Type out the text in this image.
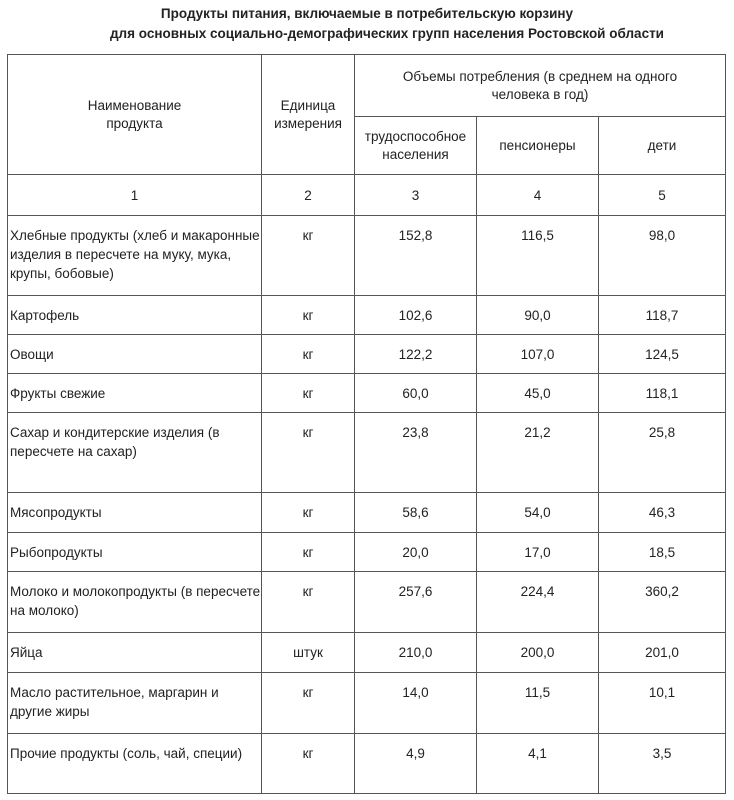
Продукты питания, включаемые в потребительскую корзину
для основных социально-демографических групп населения Ростовской области
Наименование продукта	Единица измерения	Объемы потребления (в среднем на одного человека в год)		
		трудоспособное населения	пенсионеры	дети
1	2	3	4	5
Хлебные продукты (хлеб и макаронные изделия в пересчете на муку, мука, крупы, бобовые)	кг	152,8	116,5	98,0
Картофель	кг	102,6	90,0	118,7
Овощи	кг	122,2	107,0	124,5
Фрукты свежие	кг	60,0	45,0	118,1
Сахар и кондитерские изделия (в пересчете на сахар)	кг	23,8	21,2	25,8
Мясопродукты	кг	58,6	54,0	46,3
Рыбопродукты	кг	20,0	17,0	18,5
Молоко и молокопродукты (в пересчете на молоко)	кг	257,6	224,4	360,2
Яйца	штук	210,0	200,0	201,0
Масло растительное, маргарин и другие жиры	кг	14,0	11,5	10,1
Прочие продукты (соль, чай, специи)	кг	4,9	4,1	3,5
